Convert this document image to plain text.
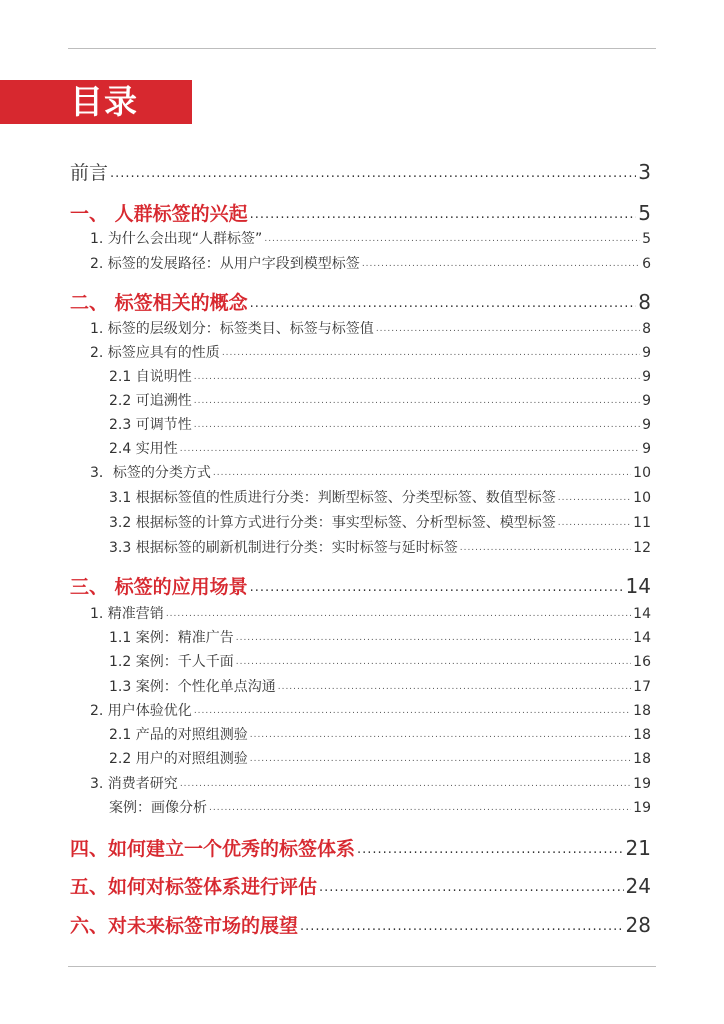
目录
前言 .....	3
一、 人群标签的兴起 .....	5
1. 为什么会出现“人群标签” .....	5
2. 标签的发展路径：从用户字段到模型标签 .....	6
二、 标签相关的概念 .....	8
1. 标签的层级划分：标签类目、标签与标签值 .....	8
2. 标签应具有的性质 .....	9
2.1 自说明性 .....	9
2.2 可追溯性 .....	9
2.3 可调节性 .....	9
2.4 实用性 .....	9
3．标签的分类方式 .....	10
3.1 根据标签值的性质进行分类：判断型标签、分类型标签、数值型标签 .....	10
3.2 根据标签的计算方式进行分类：事实型标签、分析型标签、模型标签 .....	11
3.3 根据标签的刷新机制进行分类：实时标签与延时标签 .....	12
三、 标签的应用场景 .....	14
1. 精准营销 .....	14
1.1 案例：精准广告 .....	14
1.2 案例：千人千面 .....	16
1.3 案例：个性化单点沟通 .....	17
2. 用户体验优化 .....	18
2.1 产品的对照组测验 .....	18
2.2 用户的对照组测验 .....	18
3. 消费者研究 .....	19
案例：画像分析 .....	19
四、如何建立一个优秀的标签体系 .....	21
五、如何对标签体系进行评估 .....	24
六、对未来标签市场的展望 .....	28
